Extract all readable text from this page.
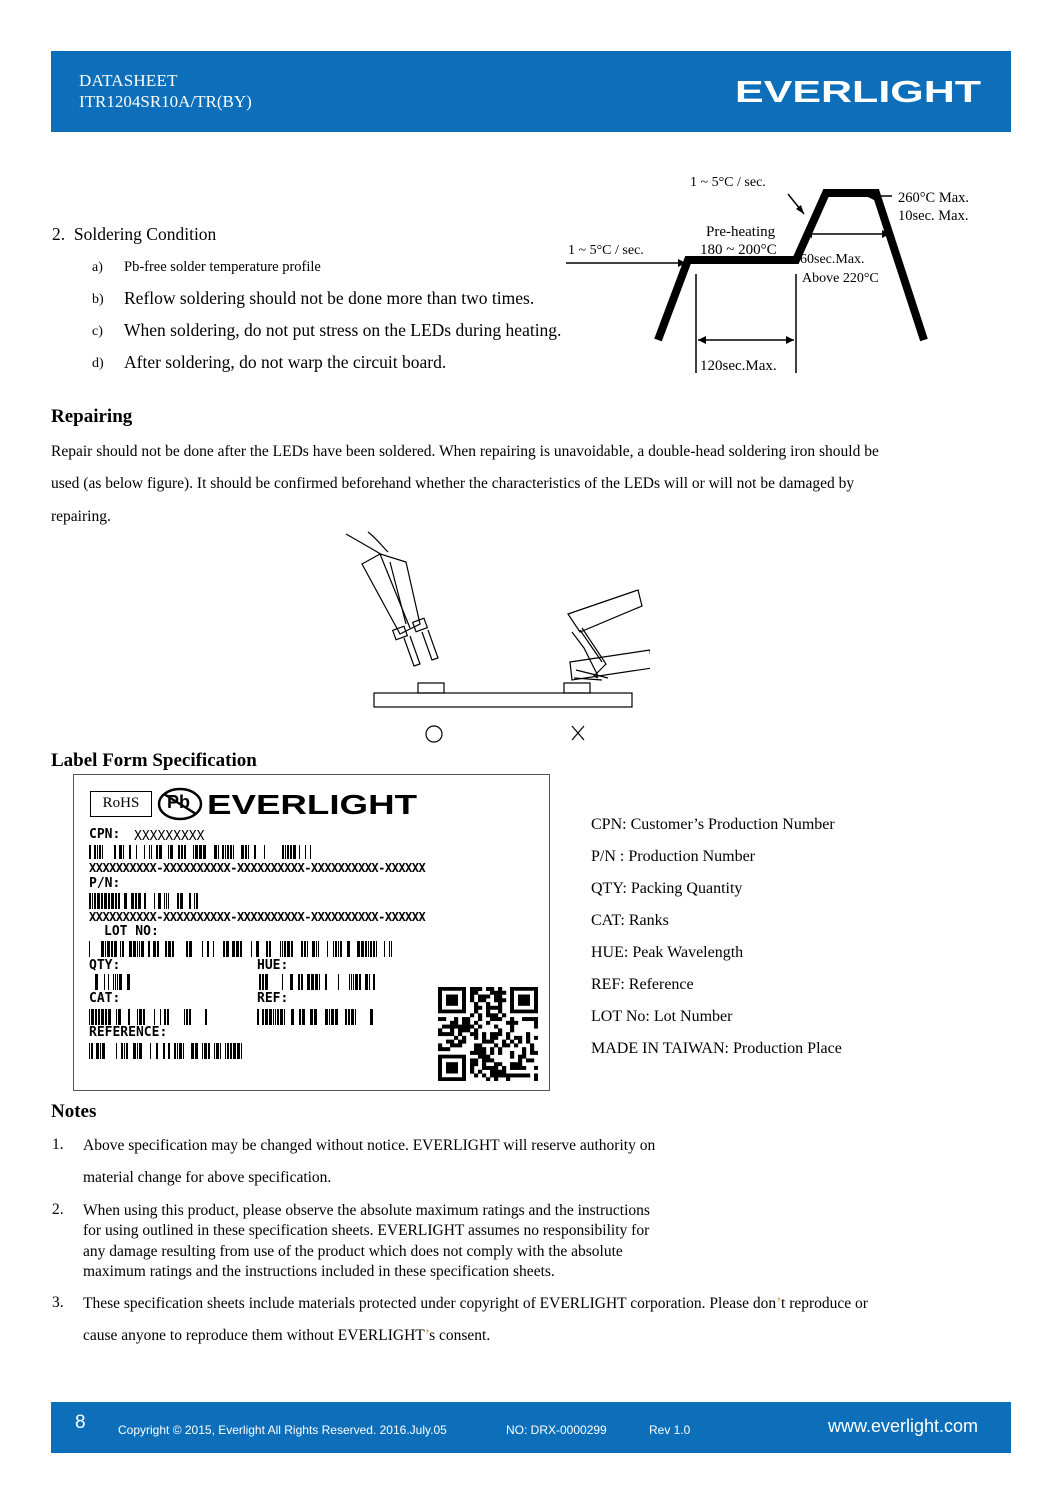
DATASHEET
ITR1204SR10A/TR(BY)	EVERLIGHT
2.  Soldering Condition
a) Pb-free solder temperature profile
b) Reflow soldering should not be done more than two times.
c) When soldering, do not put stress on the LEDs during heating.
d) After soldering, do not warp the circuit board.
1 ~ 5°C / sec.
1 ~ 5°C / sec.
Pre-heating
180 ~ 200°C
260°C Max.
10sec. Max.
60sec.Max.
Above 220°C
120sec.Max.
Repairing
Repair should not be done after the LEDs have been soldered. When repairing is unavoidable, a double-head soldering iron should be
used (as below figure). It should be confirmed beforehand whether the characteristics of the LEDs will or will not be damaged by
repairing.
Label Form Specification
RoHS	Pb EVERLIGHT
CPN: XXXXXXXXX
XXXXXXXXXX-XXXXXXXXXX-XXXXXXXXXX-XXXXXXXXXX-XXXXXX
P/N:
XXXXXXXXXX-XXXXXXXXXX-XXXXXXXXXX-XXXXXXXXXX-XXXXXX
LOT NO:
QTY:	HUE:
CAT:	REF:
REFERENCE:
CPN: Customer’s Production Number
P/N : Production Number
QTY: Packing Quantity
CAT: Ranks
HUE: Peak Wavelength
REF: Reference
LOT No: Lot Number
MADE IN TAIWAN: Production Place
Notes
1. Above specification may be changed without notice. EVERLIGHT will reserve authority on
material change for above specification.
2. When using this product, please observe the absolute maximum ratings and the instructions
for using outlined in these specification sheets. EVERLIGHT assumes no responsibility for
any damage resulting from use of the product which does not comply with the absolute
maximum ratings and the instructions included in these specification sheets.
3. These specification sheets include materials protected under copyright of EVERLIGHT corporation. Please don’t reproduce or
cause anyone to reproduce them without EVERLIGHT’s consent.
8	Copyright © 2015, Everlight All Rights Reserved. 2016.July.05	NO: DRX-0000299	Rev 1.0	www.everlight.com
